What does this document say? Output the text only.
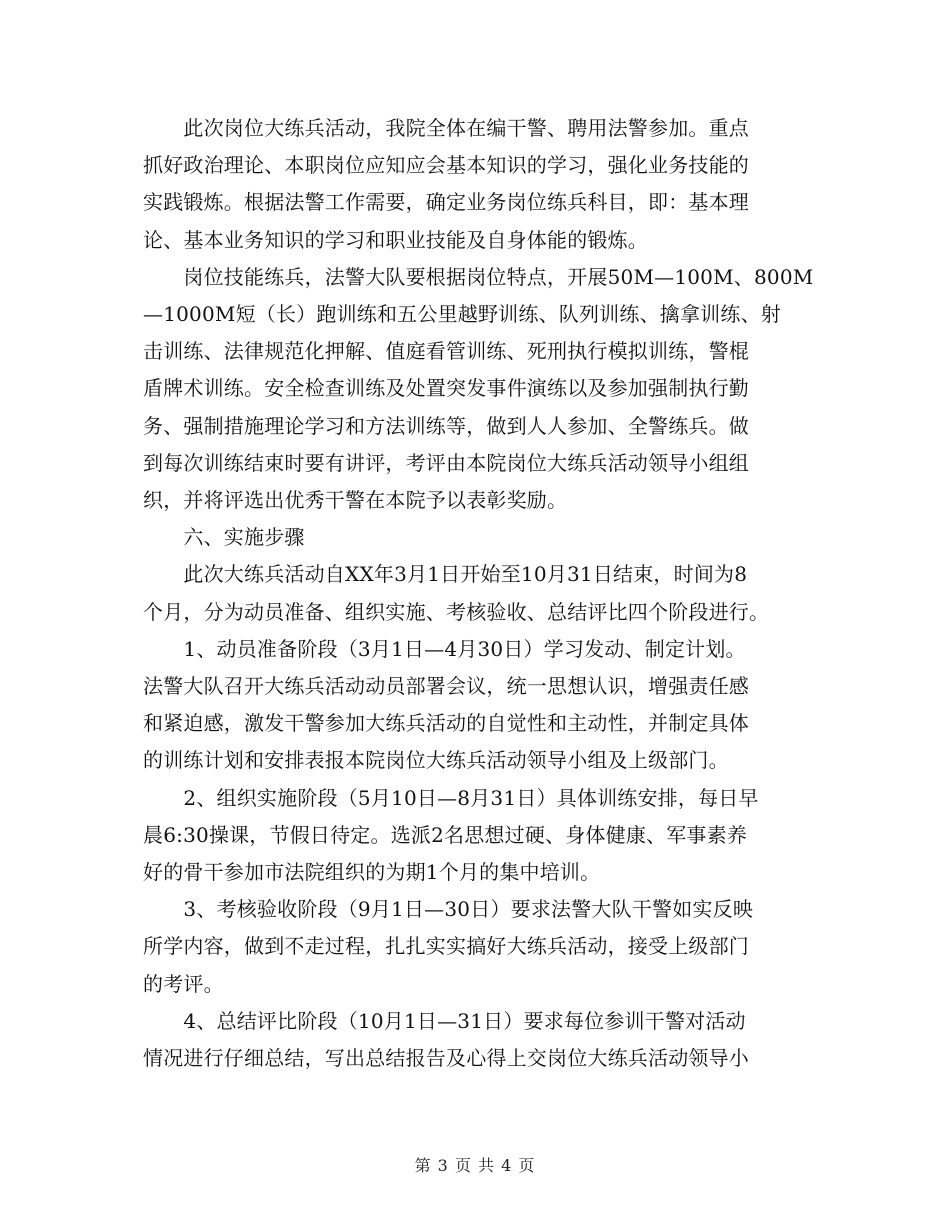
　　此次岗位大练兵活动，我院全体在编干警、聘用法警参加。重点
抓好政治理论、本职岗位应知应会基本知识的学习，强化业务技能的
实践锻炼。根据法警工作需要，确定业务岗位练兵科目，即：基本理
论、基本业务知识的学习和职业技能及自身体能的锻炼。
　　岗位技能练兵，法警大队要根据岗位特点，开展50M—100M、800M
—1000M短（长）跑训练和五公里越野训练、队列训练、擒拿训练、射
击训练、法律规范化押解、值庭看管训练、死刑执行模拟训练，警棍
盾牌术训练。安全检查训练及处置突发事件演练以及参加强制执行勤
务、强制措施理论学习和方法训练等，做到人人参加、全警练兵。做
到每次训练结束时要有讲评，考评由本院岗位大练兵活动领导小组组
织，并将评选出优秀干警在本院予以表彰奖励。
　　六、实施步骤
　　此次大练兵活动自XX年3月1日开始至10月31日结束，时间为8
个月，分为动员准备、组织实施、考核验收、总结评比四个阶段进行。
　　1、动员准备阶段（3月1日—4月30日）学习发动、制定计划。
法警大队召开大练兵活动动员部署会议，统一思想认识，增强责任感
和紧迫感，激发干警参加大练兵活动的自觉性和主动性，并制定具体
的训练计划和安排表报本院岗位大练兵活动领导小组及上级部门。
　　2、组织实施阶段（5月10日—8月31日）具体训练安排，每日早
晨6:30操课，节假日待定。选派2名思想过硬、身体健康、军事素养
好的骨干参加市法院组织的为期1个月的集中培训。
　　3、考核验收阶段（9月1日—30日）要求法警大队干警如实反映
所学内容，做到不走过程，扎扎实实搞好大练兵活动，接受上级部门
的考评。
　　4、总结评比阶段（10月1日—31日）要求每位参训干警对活动
情况进行仔细总结，写出总结报告及心得上交岗位大练兵活动领导小
第 3 页 共 4 页
